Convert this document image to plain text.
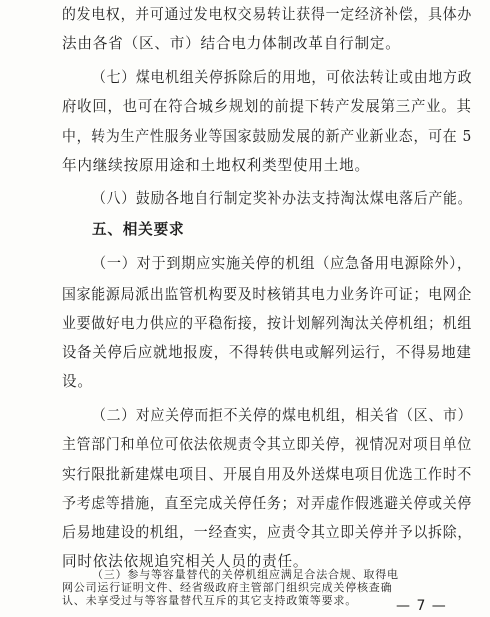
的发电权，并可通过发电权交易转让获得一定经济补偿，具体办
法由各省（区、市）结合电力体制改革自行制定。
（七）煤电机组关停拆除后的用地，可依法转让或由地方政
府收回，也可在符合城乡规划的前提下转产发展第三产业。其
中，转为生产性服务业等国家鼓励发展的新产业新业态，可在 5
年内继续按原用途和土地权利类型使用土地。
（八）鼓励各地自行制定奖补办法支持淘汰煤电落后产能。
五、相关要求
（一）对于到期应实施关停的机组（应急备用电源除外），
国家能源局派出监管机构要及时核销其电力业务许可证；电网企
业要做好电力供应的平稳衔接，按计划解列淘汰关停机组；机组
设备关停后应就地报废，不得转供电或解列运行，不得易地建
设。
（二）对应关停而拒不关停的煤电机组，相关省（区、市）
主管部门和单位可依法依规责令其立即关停，视情况对项目单位
实行限批新建煤电项目、开展自用及外送煤电项目优选工作时不
予考虑等措施，直至完成关停任务；对弄虚作假逃避关停或关停
后易地建设的机组，一经查实，应责令其立即关停并予以拆除，
同时依法依规追究相关人员的责任。
— 7 —
（三）参与等容量替代的关停机组应满足合法合规、取得电
网公司运行证明文件、经省级政府主管部门组织完成关停核查确
认、未享受过与等容量替代互斥的其它支持政策等要求。
